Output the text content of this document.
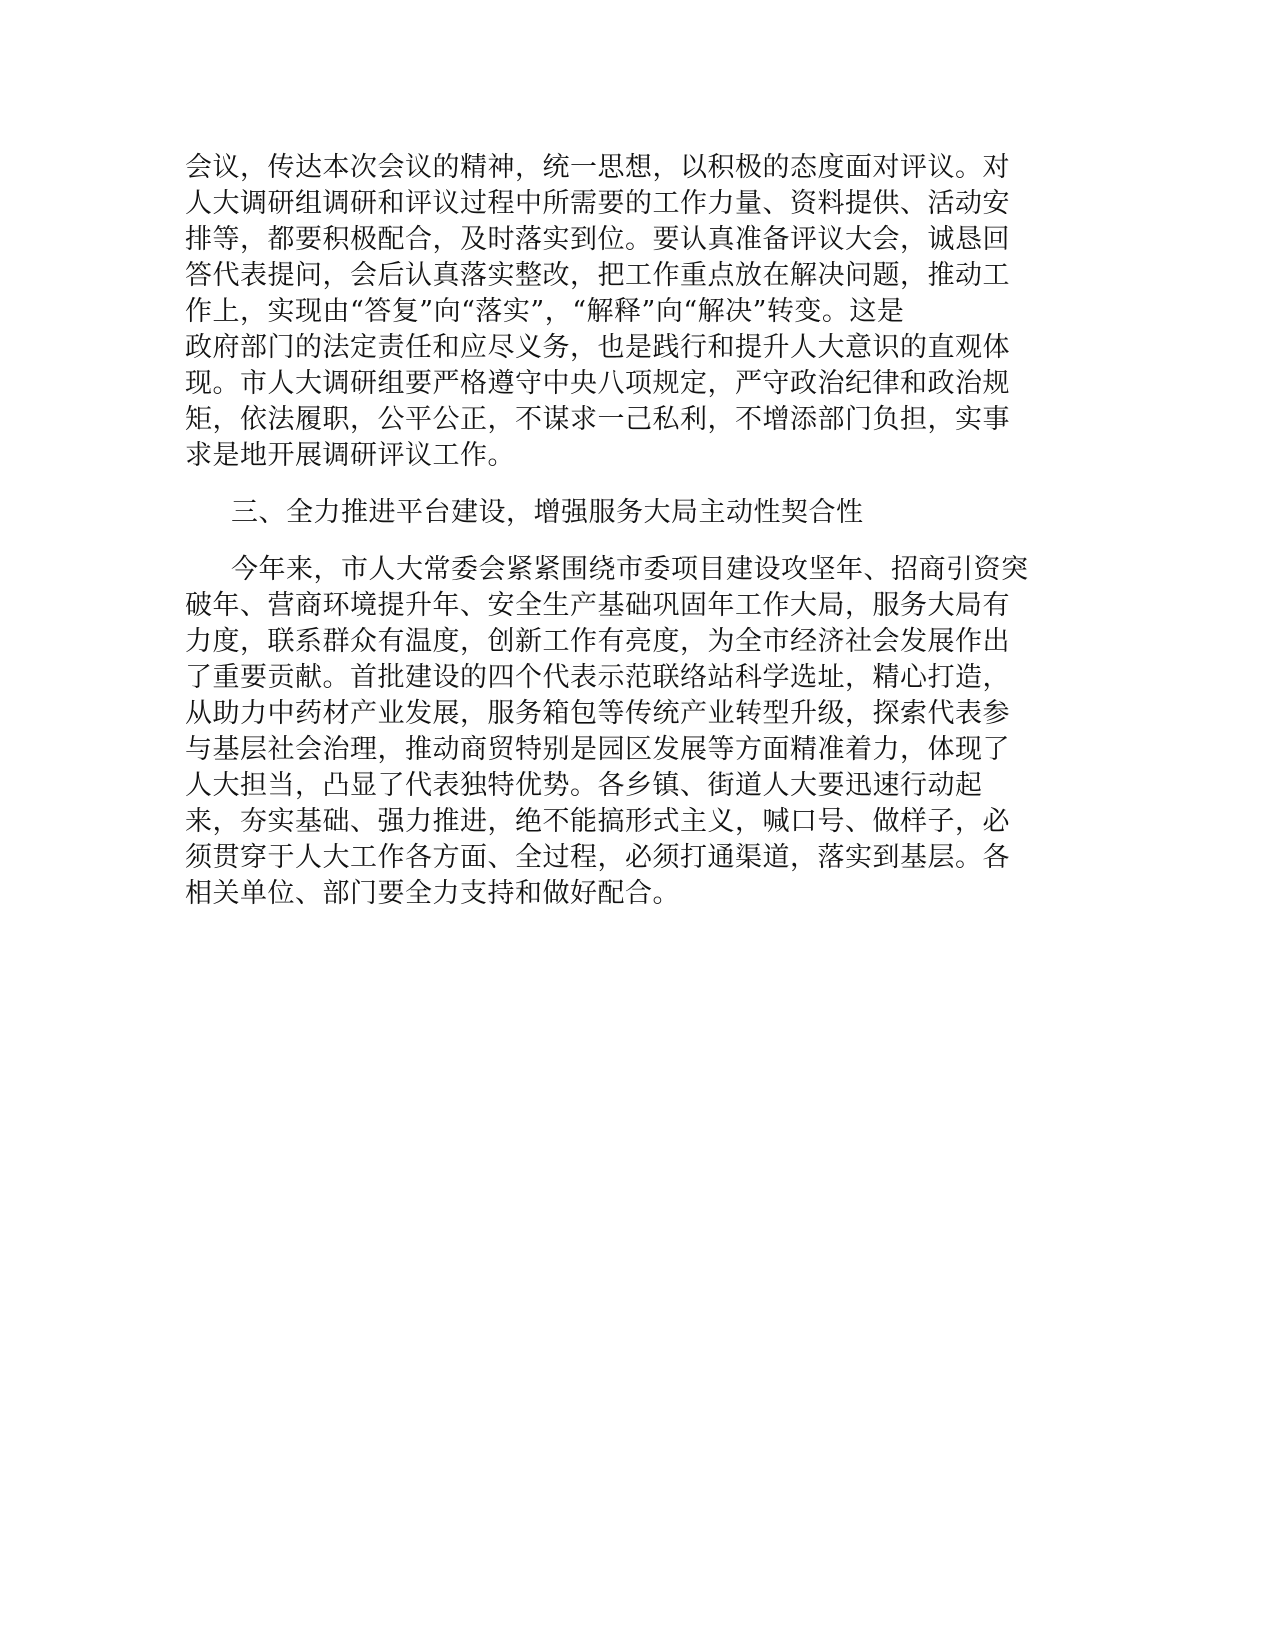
会议，传达本次会议的精神，统一思想，以积极的态度面对评议。对
人大调研组调研和评议过程中所需要的工作力量、资料提供、活动安
排等，都要积极配合，及时落实到位。要认真准备评议大会，诚恳回
答代表提问，会后认真落实整改，把工作重点放在解决问题，推动工
作上，实现由“答复”向“落实”，“解释”向“解决”转变。这是
政府部门的法定责任和应尽义务，也是践行和提升人大意识的直观体
现。市人大调研组要严格遵守中央八项规定，严守政治纪律和政治规
矩，依法履职，公平公正，不谋求一己私利，不增添部门负担，实事
求是地开展调研评议工作。
三、全力推进平台建设，增强服务大局主动性契合性
今年来，市人大常委会紧紧围绕市委项目建设攻坚年、招商引资突
破年、营商环境提升年、安全生产基础巩固年工作大局，服务大局有
力度，联系群众有温度，创新工作有亮度，为全市经济社会发展作出
了重要贡献。首批建设的四个代表示范联络站科学选址，精心打造，
从助力中药材产业发展，服务箱包等传统产业转型升级，探索代表参
与基层社会治理，推动商贸特别是园区发展等方面精准着力，体现了
人大担当，凸显了代表独特优势。各乡镇、街道人大要迅速行动起
来，夯实基础、强力推进，绝不能搞形式主义，喊口号、做样子，必
须贯穿于人大工作各方面、全过程，必须打通渠道，落实到基层。各
相关单位、部门要全力支持和做好配合。
